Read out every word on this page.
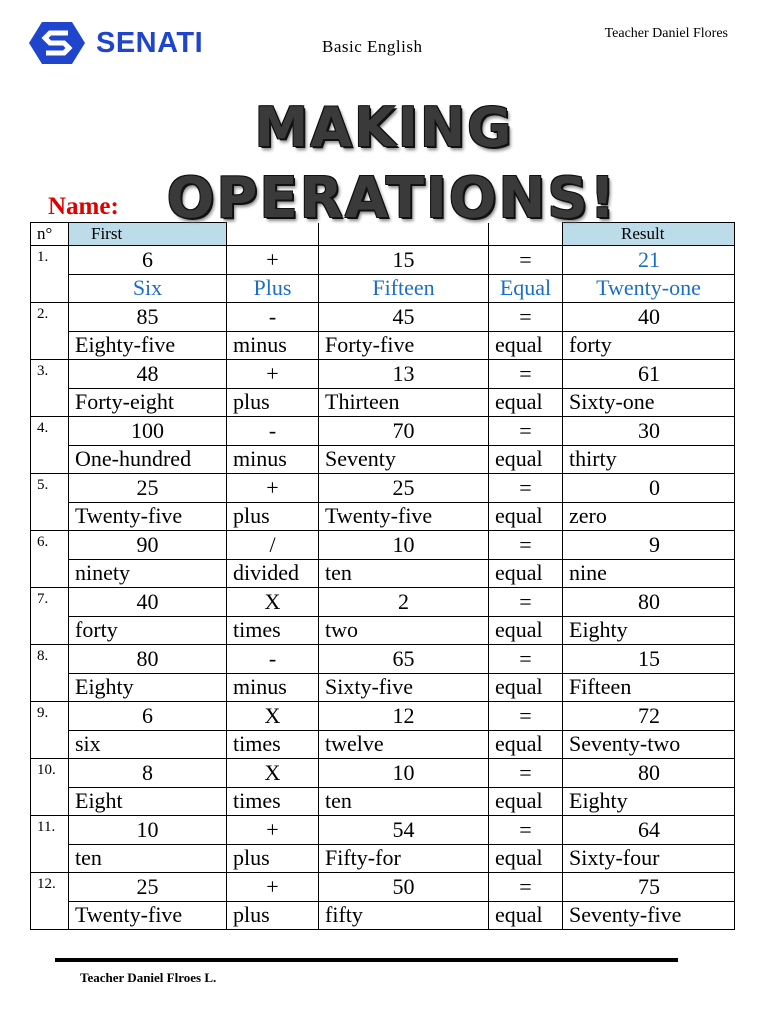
SENATI	Basic English
Teacher Daniel Flores
MAKING
Name:
n°	First				Result
1.	6	+	15	=	21
	Six	Plus	Fifteen	Equal	Twenty-one
2.	85	-	45	=	40
	Eighty-five	minus	Forty-five	equal	forty
3.	48	+	13	=	61
	Forty-eight	plus	Thirteen	equal	Sixty-one
4.	100	-	70	=	30
	One-hundred	minus	Seventy	equal	thirty
5.	25	+	25	=	0
	Twenty-five	plus	Twenty-five	equal	zero
6.	90	/	10	=	9
	ninety	divided	ten	equal	nine
7.	40	X	2	=	80
	forty	times	two	equal	Eighty
8.	80	-	65	=	15
	Eighty	minus	Sixty-five	equal	Fifteen
9.	6	X	12	=	72
	six	times	twelve	equal	Seventy-two
10.	8	X	10	=	80
	Eight	times	ten	equal	Eighty
11.	10	+	54	=	64
	ten	plus	Fifty-for	equal	Sixty-four
12.	25	+	50	=	75
	Twenty-five	plus	fifty	equal	Seventy-five
OPERATIONS!
Teacher Daniel Flroes L.
